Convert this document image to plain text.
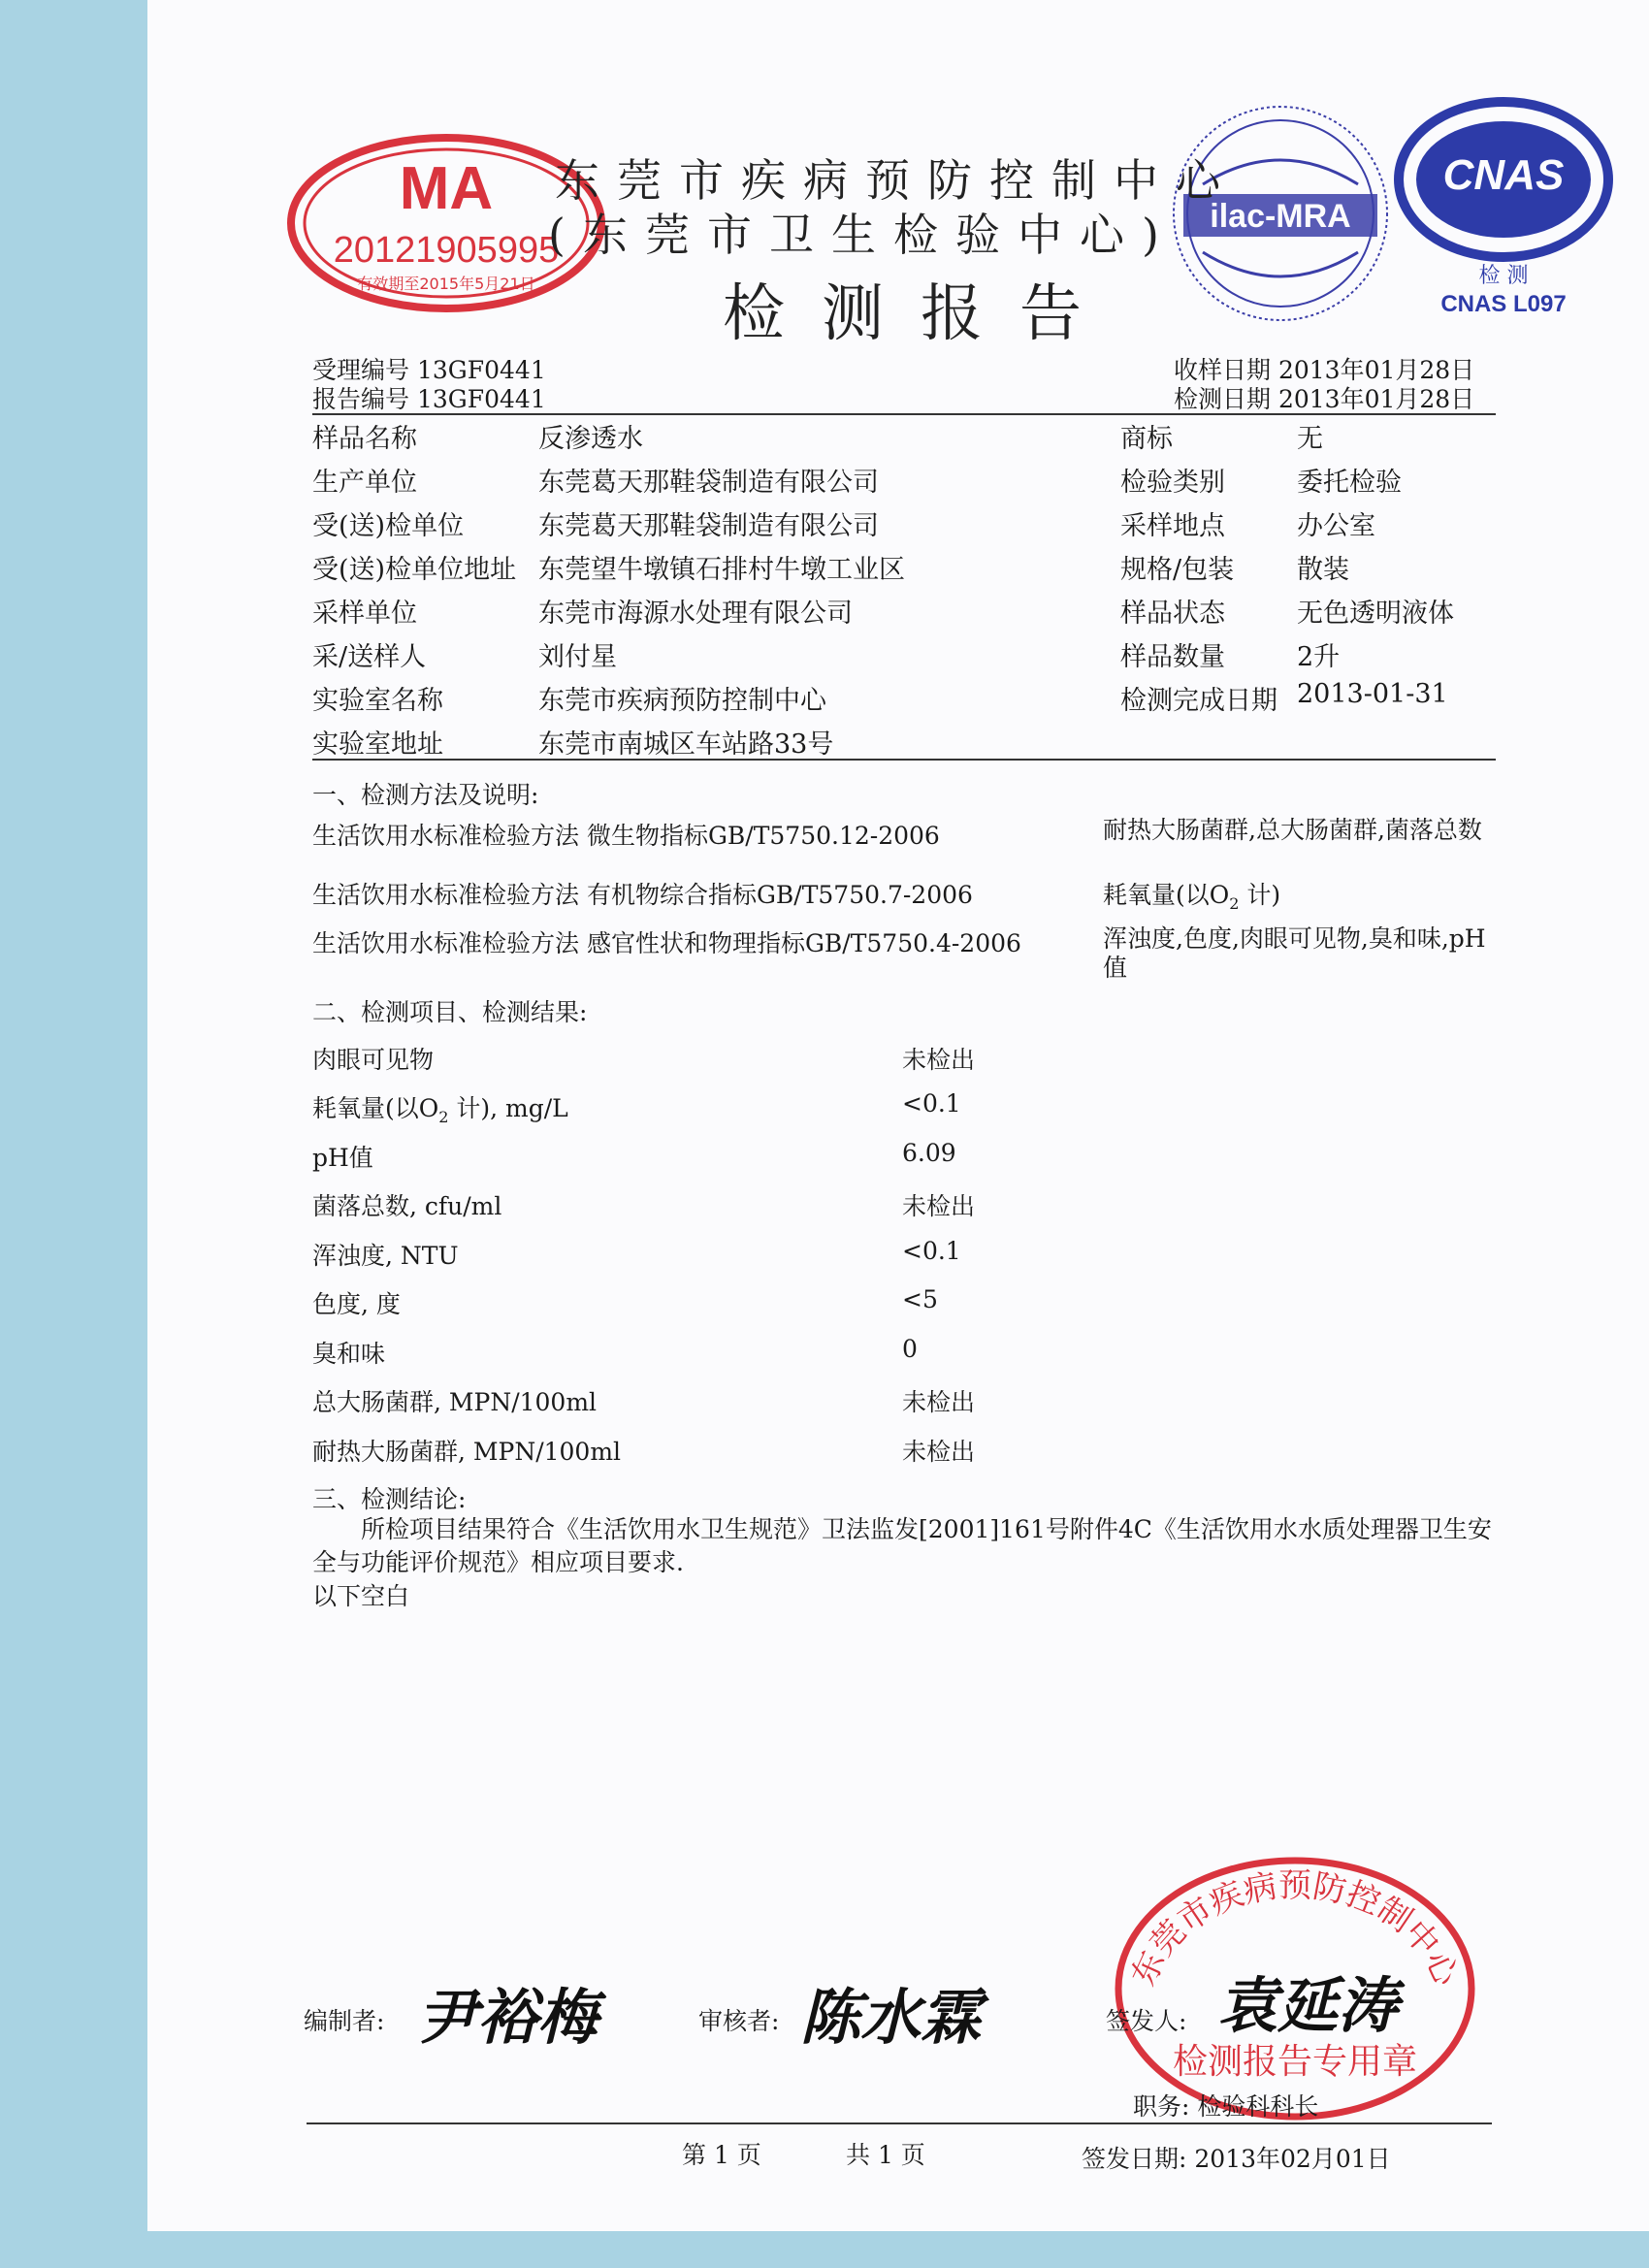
MA
20121905995
有效期至2015年5月21日
ilac-MRA
CNAS
检 测
CNAS L097
东莞市疾病预防控制中心
(东莞市卫生检验中心)
检测报告
受理编号 13GF0441
报告编号 13GF0441
收样日期 2013年01月28日
检测日期 2013年01月28日
样品名称	反渗透水	商标	无
生产单位	东莞葛天那鞋袋制造有限公司	检验类别	委托检验
受(送)检单位	东莞葛天那鞋袋制造有限公司	采样地点	办公室
受(送)检单位地址 东莞望牛墩镇石排村牛墩工业区	规格/包装 散装
采样单位	东莞市海源水处理有限公司	样品状态	无色透明液体
采/送样人	刘付星	样品数量	2升
实验室名称	东莞市疾病预防控制中心	检测完成日期 2013-01-31
实验室地址	东莞市南城区车站路33号
一、检测方法及说明:
生活饮用水标准检验方法 微生物指标GB/T5750.12-2006	耐热大肠菌群,总大肠菌群,菌落总数
生活饮用水标准检验方法 有机物综合指标GB/T5750.7-2006	耗氧量(以$O_2$ 计)
生活饮用水标准检验方法 感官性状和物理指标GB/T5750.4-2006	浑浊度,色度,肉眼可见物,臭和味,pH值
二、检测项目、检测结果:
肉眼可见物	未检出
耗氧量(以$O_2$ 计), mg/L	<0.1
pH值	6.09
菌落总数, cfu/ml	未检出
浑浊度, NTU	<0.1
色度, 度	<5
臭和味	0
总大肠菌群, MPN/100ml	未检出
耐热大肠菌群, MPN/100ml	未检出
三、检测结论:
所检项目结果符合《生活饮用水卫生规范》卫法监发[2001]161号附件4C《生活饮用水水质处理器卫生安全与功能评价规范》相应项目要求.
以下空白
东莞市疾病预防控制中心
检测报告专用章
编制者: 尹裕梅	审核者: 陈水霖	签发人: 袁延涛
职务: 检验科科长
第 1 页	共 1 页	签发日期: 2013年02月01日
